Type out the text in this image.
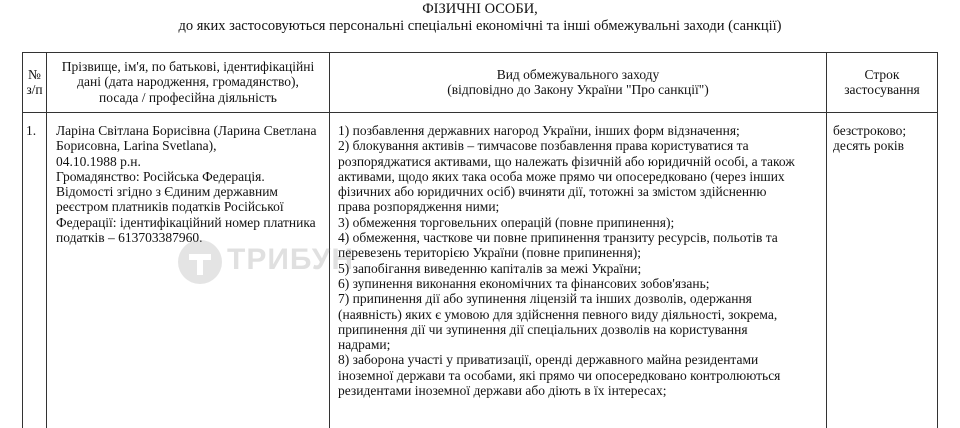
ФІЗИЧНІ ОСОБИ,
до яких застосовуються персональні спеціальні економічні та інші обмежувальні заходи (санкції)
№
з/п
Прізвище, ім'я, по батькові, ідентифікаційні
дані (дата народження, громадянство),
посада / професійна діяльність
Вид обмежувального заходу
(відповідно до Закону України "Про санкції")
Строк
застосування
1.	Ларіна Світлана Борисівна (Ларина Светлана
Борисовна, Larina Svetlana),
04.10.1988 р.н.
Громадянство: Російська Федерація.
Відомості згідно з Єдиним державним
реєстром платників податків Російської
Федерації: ідентифікаційний номер платника
податків – 613703387960.
1) позбавлення державних нагород України, інших форм відзначення;
2) блокування активів – тимчасове позбавлення права користуватися та
розпоряджатися активами, що належать фізичній або юридичній особі, а також
активами, щодо яких така особа може прямо чи опосередковано (через інших
фізичних або юридичних осіб) вчиняти дії, тотожні за змістом здійсненню
права розпорядження ними;
3) обмеження торговельних операцій (повне припинення);
4) обмеження, часткове чи повне припинення транзиту ресурсів, польотів та
перевезень територією України (повне припинення);
5) запобігання виведенню капіталів за межі України;
6) зупинення виконання економічних та фінансових зобов'язань;
7) припинення дії або зупинення ліцензій та інших дозволів, одержання
(наявність) яких є умовою для здійснення певного виду діяльності, зокрема,
припинення дії чи зупинення дії спеціальних дозволів на користування
надрами;
8) заборона участі у приватизації, оренді державного майна резидентами
іноземної держави та особами, які прямо чи опосередковано контролюються
резидентами іноземної держави або діють в їх інтересах;
безстроково;
десять років
ТРИБУН
